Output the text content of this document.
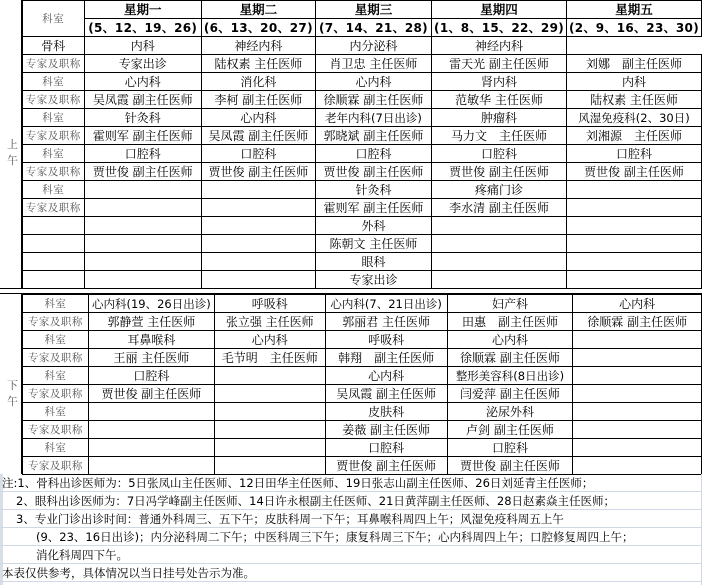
上午
下午
科室	星期一	星期二	星期三	星期四	星期五
	(5、12、19、26)	(6、13、20、27)	(7、14、21、28)	(1、8、15、22、29)	(2、9、16、23、30)
骨科	内科	神经内科	内分泌科	神经内科	
专家及职称	专家出诊	陆权素 主任医师	肖卫忠 主任医师	雷天光 副主任医师	刘娜　副主任医师
科室	心内科	消化科	心内科	肾内科	内科
专家及职称	吴凤霞 副主任医师	李柯 副主任医师	徐顺霖 副主任医师	范敏华 主任医师	陆权素 主任医师
科室	针灸科	心内科	老年内科(7日出诊)	肿瘤科	风湿免疫科(2、30日)
专家及职称	霍则军 副主任医师	吴凤霞 副主任医师	郭晓斌 副主任医师	马力文　主任医师	刘湘源　主任医师
科室	口腔科	口腔科	口腔科	口腔科	口腔科
专家及职称	贾世俊 副主任医师	贾世俊 副主任医师	贾世俊 副主任医师	贾世俊 副主任医师	贾世俊 副主任医师
科室			针灸科	疼痛门诊	
专家及职称			霍则军 副主任医师	李水清 副主任医师	
			外科		
			陈朝文 主任医师		
			眼科		
			专家出诊		
科室	心内科(19、26日出诊)	呼吸科	心内科(7、21日出诊)	妇产科	心内科
专家及职称	郭静萱 主任医师	张立强 主任医师	郭丽君 主任医师	田惠　副主任医师	徐顺霖 副主任医师
科室	耳鼻喉科	心内科	呼吸科	心内科	
专家及职称	王丽 主任医师	毛节明　主任医师	韩翔　副主任医师	徐顺霖 副主任医师	
科室	口腔科		心内科	整形美容科(8日出诊)	
专家及职称	贾世俊 副主任医师		吴凤霞 副主任医师	闫爱萍 副主任医师	
科室			皮肤科	泌尿外科	
专家及职称			姜薇 副主任医师	卢剑 副主任医师	
科室			口腔科	口腔科	
专家及职称			贾世俊 副主任医师	贾世俊 副主任医师	
注:1、骨科出诊医师为：5日张凤山主任医师、12日田华主任医师、19日张志山副主任医师、26日刘延青主任医师；
2、眼科出诊医师为：7日冯学峰副主任医师、14日许永根副主任医师、21日黄萍副主任医师、28日赵素焱主任医师；
3、专业门诊出诊时间：普通外科周三、五下午；皮肤科周一下午；耳鼻喉科周四上午；风湿免疫科周五上午
(9、23、16日出诊)；内分泌科周二下午；中医科周三下午；康复科周三下午；心内科周四上午；口腔修复周四上午；
消化科周四下午。
本表仅供参考，具体情况以当日挂号处告示为准。
